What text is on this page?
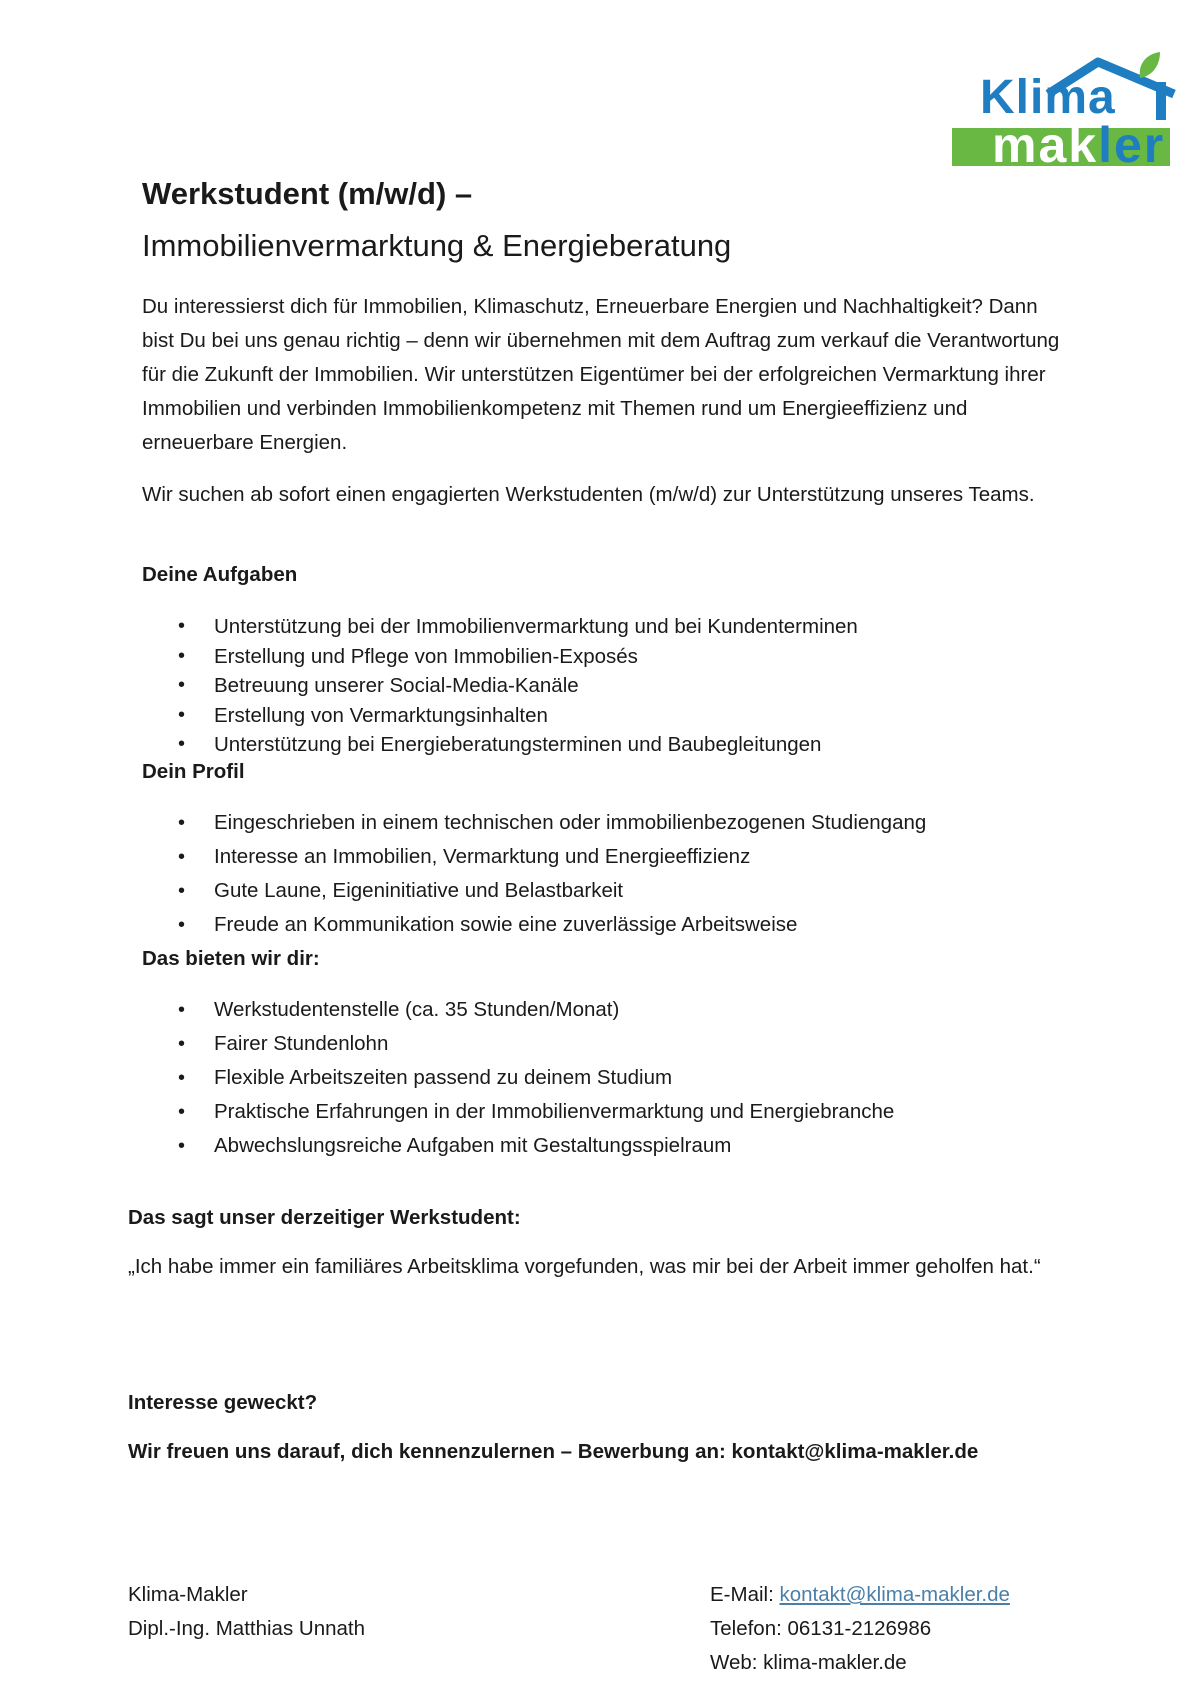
Klima
makler
Werkstudent (m/w/d) –
Immobilienvermarktung & Energieberatung

Du interessierst dich für Immobilien, Klimaschutz, Erneuerbare Energien und Nachhaltigkeit? Dann bist Du bei uns genau richtig – denn wir übernehmen mit dem Auftrag zum verkauf die Verantwortung für die Zukunft der Immobilien. Wir unterstützen Eigentümer bei der erfolgreichen Vermarktung ihrer Immobilien und verbinden Immobilienkompetenz mit Themen rund um Energieeffizienz und erneuerbare Energien.

Wir suchen ab sofort einen engagierten Werkstudenten (m/w/d) zur Unterstützung unseres Teams.

Deine Aufgaben
• Unterstützung bei der Immobilienvermarktung und bei Kundenterminen
• Erstellung und Pflege von Immobilien-Exposés
• Betreuung unserer Social-Media-Kanäle
• Erstellung von Vermarktungsinhalten
• Unterstützung bei Energieberatungsterminen und Baubegleitungen
Dein Profil
• Eingeschrieben in einem technischen oder immobilienbezogenen Studiengang
• Interesse an Immobilien, Vermarktung und Energieeffizienz
• Gute Laune, Eigeninitiative und Belastbarkeit
• Freude an Kommunikation sowie eine zuverlässige Arbeitsweise
Das bieten wir dir:
• Werkstudentenstelle (ca. 35 Stunden/Monat)
• Fairer Stundenlohn
• Flexible Arbeitszeiten passend zu deinem Studium
• Praktische Erfahrungen in der Immobilienvermarktung und Energiebranche
• Abwechslungsreiche Aufgaben mit Gestaltungsspielraum
Das sagt unser derzeitiger Werkstudent:

„Ich habe immer ein familiäres Arbeitsklima vorgefunden, was mir bei der Arbeit immer geholfen hat.“

Interesse geweckt?
Wir freuen uns darauf, dich kennenzulernen – Bewerbung an: kontakt@klima-makler.de
Klima-Makler
Dipl.-Ing. Matthias Unnath
E-Mail: kontakt@klima-makler.de
Telefon: 06131-2126986
Web: klima-makler.de
